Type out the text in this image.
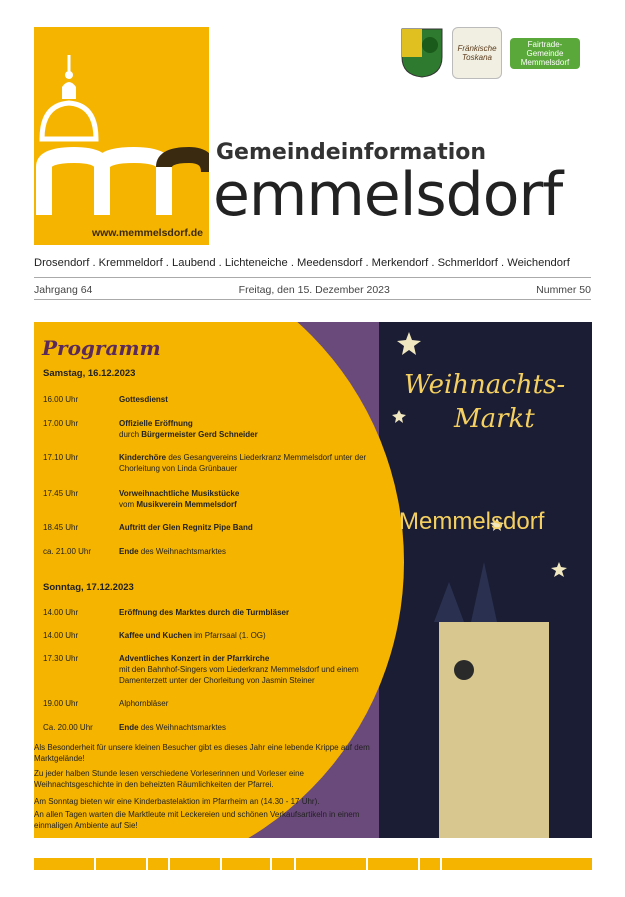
www.memmelsdorf.de
Gemeindeinformation
emmelsdorf
Fränkische Toskana
Fairtrade-Gemeinde Memmelsdorf
Drosendorf . Kremmeldorf . Laubend . Lichteneiche . Meedensdorf . Merkendorf . Schmerldorf . Weichendorf
Jahrgang 64	Freitag, den 15. Dezember 2023	Nummer 50
Weihnachts-
Markt
Memmelsdorf
Programm
Samstag, 16.12.2023
16.00 Uhr	Gottesdienst
17.00 Uhr	Offizielle Eröffnung
durch Bürgermeister Gerd Schneider
17.10 Uhr	Kinderchöre des Gesangvereins Liederkranz Memmelsdorf unter der Chorleitung von Linda Grünbauer
17.45 Uhr	Vorweihnachtliche Musikstücke
vom Musikverein Memmelsdorf
18.45 Uhr	Auftritt der Glen Regnitz Pipe Band
ca. 21.00 Uhr	Ende des Weihnachtsmarktes
Sonntag, 17.12.2023
14.00 Uhr	Eröffnung des Marktes durch die Turmbläser
14.00 Uhr	Kaffee und Kuchen im Pfarrsaal (1. OG)
17.30 Uhr	Adventliches Konzert in der Pfarrkirche
mit den Bahnhof-Singers vom Liederkranz Memmelsdorf und einem Damenterzett unter der Chorleitung von Jasmin Steiner
19.00 Uhr	Alphornbläser
Ca. 20.00 Uhr	Ende des Weihnachtsmarktes
Als Besonderheit für unsere kleinen Besucher gibt es dieses Jahr eine lebende Krippe auf dem Marktgelände!
Zu jeder halben Stunde lesen verschiedene Vorleserinnen und Vorleser eine Weihnachtsgeschichte in den beheizten Räumlichkeiten der Pfarrei.
Am Sonntag bieten wir eine Kinderbastelaktion im Pfarrheim an (14.30 - 17 Uhr).
An allen Tagen warten die Marktleute mit Leckereien und schönen Verkaufsartikeln in einem einmaligen Ambiente auf Sie!
